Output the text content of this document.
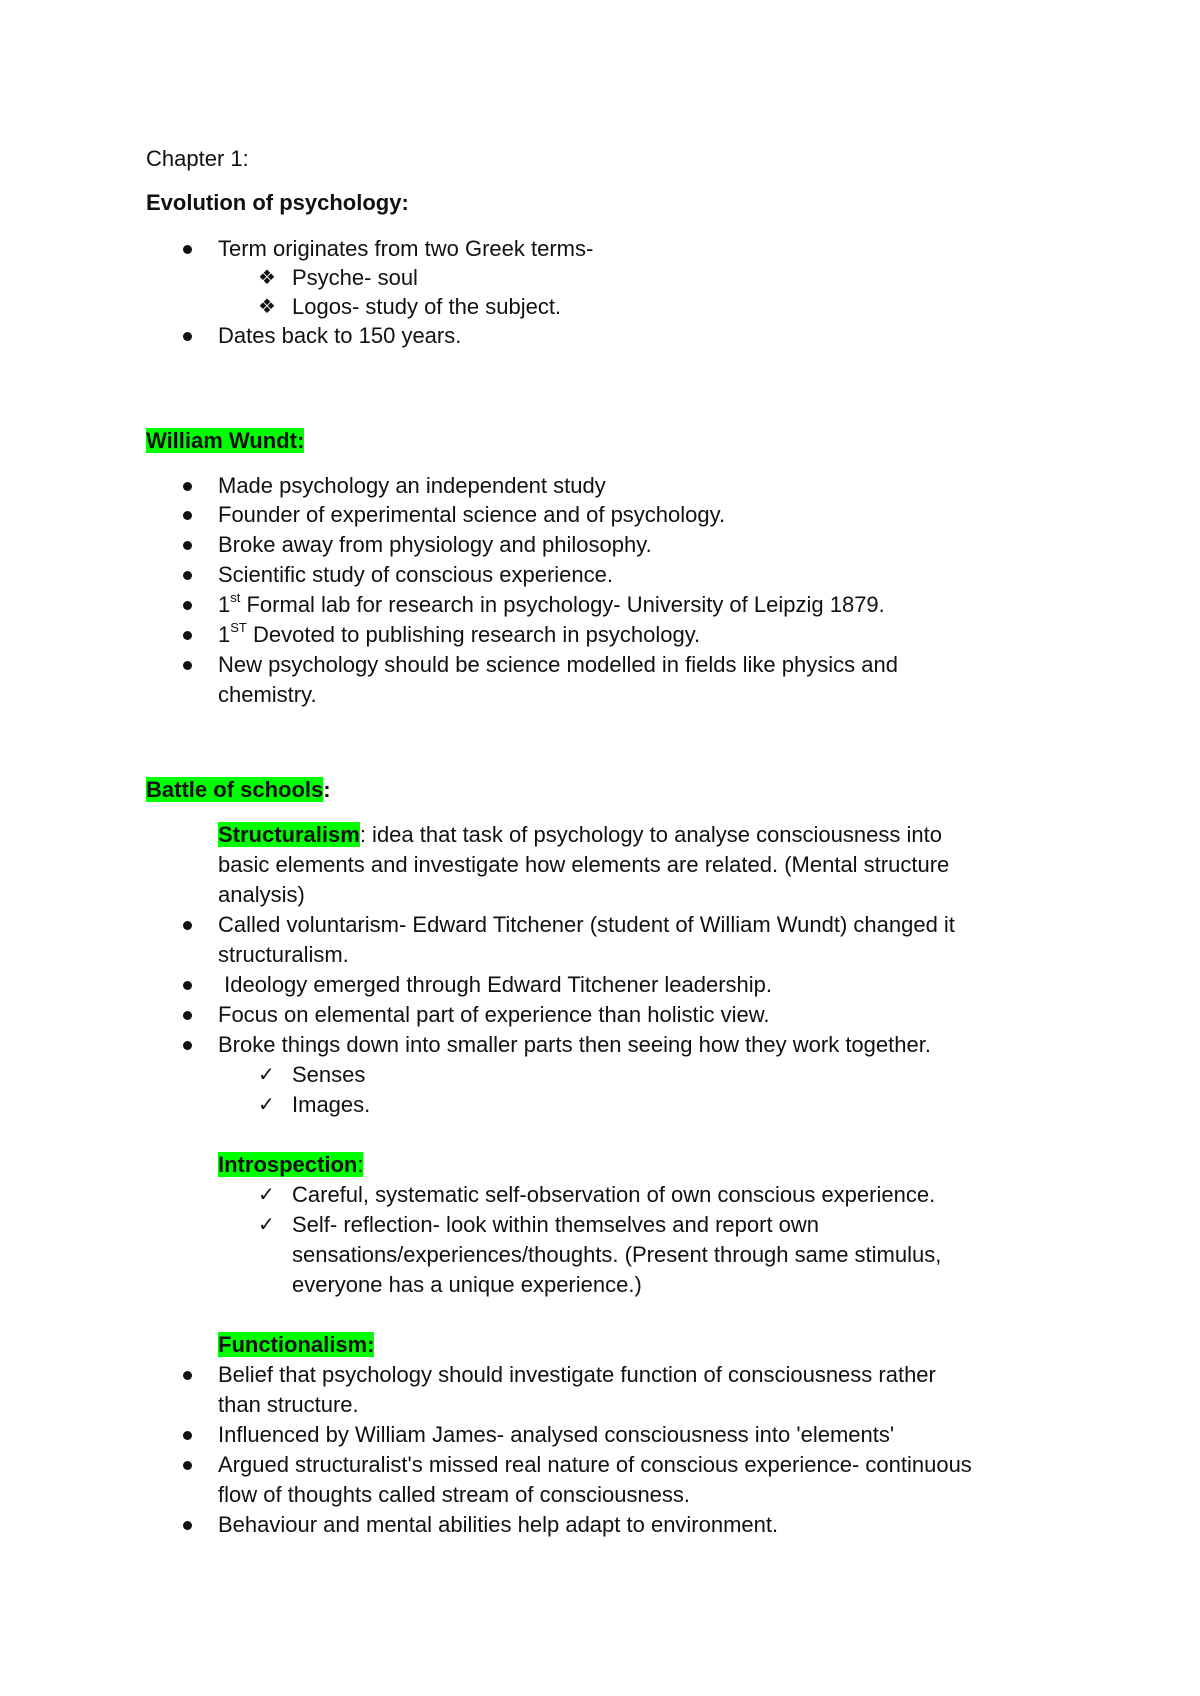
Chapter 1:
Evolution of psychology:
Term originates from two Greek terms-
❖ Psyche- soul
❖ Logos- study of the subject.
Dates back to 150 years.
William Wundt:
Made psychology an independent study
Founder of experimental science and of psychology.
Broke away from physiology and philosophy.
Scientific study of conscious experience.
1st Formal lab for research in psychology- University of Leipzig 1879.
1ST Devoted to publishing research in psychology.
New psychology should be science modelled in fields like physics and
chemistry.
Battle of schools:
Structuralism: idea that task of psychology to analyse consciousness into
basic elements and investigate how elements are related. (Mental structure
analysis)
Called voluntarism- Edward Titchener (student of William Wundt) changed it
structuralism.
Ideology emerged through Edward Titchener leadership.
Focus on elemental part of experience than holistic view.
Broke things down into smaller parts then seeing how they work together.
✓ Senses
✓ Images.
Introspection:
✓ Careful, systematic self-observation of own conscious experience.
✓ Self- reflection- look within themselves and report own
sensations/experiences/thoughts. (Present through same stimulus,
everyone has a unique experience.)
Functionalism:
Belief that psychology should investigate function of consciousness rather
than structure.
Influenced by William James- analysed consciousness into 'elements'
Argued structuralist's missed real nature of conscious experience- continuous
flow of thoughts called stream of consciousness.
Behaviour and mental abilities help adapt to environment.
